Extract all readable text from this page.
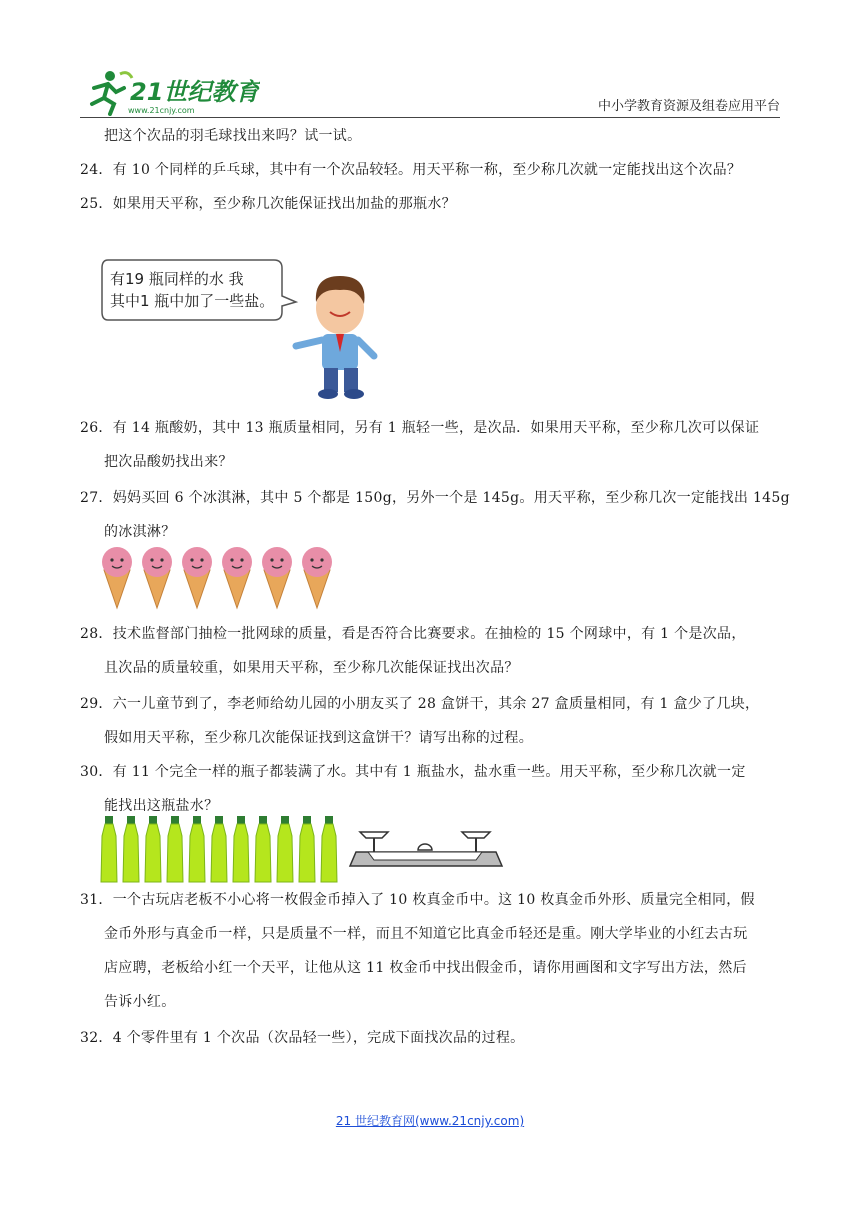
21世纪教育
www.21cnjy.com	中小学教育资源及组卷应用平台
把这个次品的羽毛球找出来吗？试一试。
24．有 10 个同样的乒乓球，其中有一个次品较轻。用天平称一称，至少称几次就一定能找出这个次品？
25．如果用天平称，至少称几次能保证找出加盐的那瓶水？
有19 瓶同样的水 我
其中1 瓶中加了一些盐。
26．有 14 瓶酸奶，其中 13 瓶质量相同，另有 1 瓶轻一些，是次品．如果用天平称，至少称几次可以保证
把次品酸奶找出来？
27．妈妈买回 6 个冰淇淋，其中 5 个都是 150g，另外一个是 145g。用天平称，至少称几次一定能找出 145g
的冰淇淋？
28．技术监督部门抽检一批网球的质量，看是否符合比赛要求。在抽检的 15 个网球中，有 1 个是次品，
且次品的质量较重，如果用天平称，至少称几次能保证找出次品？
29．六一儿童节到了，李老师给幼儿园的小朋友买了 28 盒饼干，其余 27 盒质量相同，有 1 盒少了几块，
假如用天平称，至少称几次能保证找到这盒饼干？请写出称的过程。
30．有 11 个完全一样的瓶子都装满了水。其中有 1 瓶盐水，盐水重一些。用天平称，至少称几次就一定
能找出这瓶盐水？
31．一个古玩店老板不小心将一枚假金币掉入了 10 枚真金币中。这 10 枚真金币外形、质量完全相同，假
金币外形与真金币一样，只是质量不一样，而且不知道它比真金币轻还是重。刚大学毕业的小红去古玩
店应聘，老板给小红一个天平，让他从这 11 枚金币中找出假金币，请你用画图和文字写出方法，然后
告诉小红。
32．4 个零件里有 1 个次品（次品轻一些），完成下面找次品的过程。
21 世纪教育网(www.21cnjy.com)
